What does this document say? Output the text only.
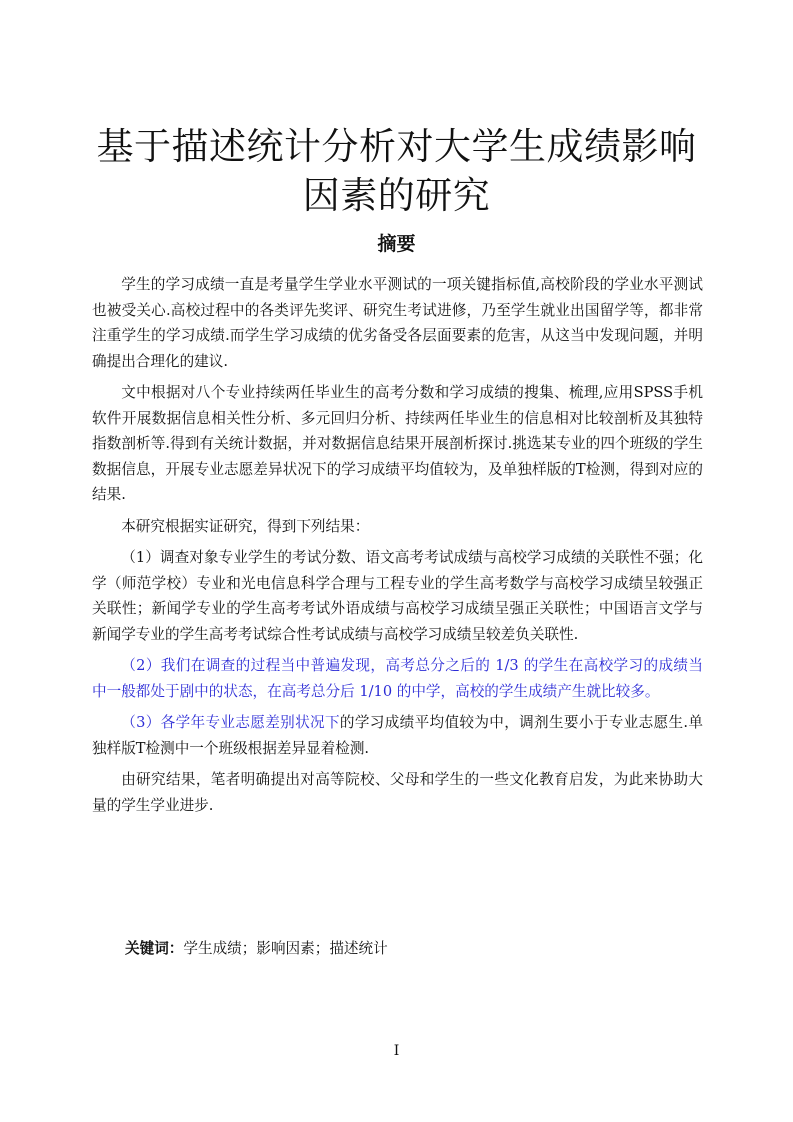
基于描述统计分析对大学生成绩影响因素的研究
摘要

学生的学习成绩一直是考量学生学业水平测试的一项关键指标值,高校阶段的学业水平测试也被受关心.高校过程中的各类评先奖评、研究生考试进修，乃至学生就业出国留学等，都非常注重学生的学习成绩.而学生学习成绩的优劣备受各层面要素的危害，从这当中发现问题，并明确提出合理化的建议.

文中根据对八个专业持续两任毕业生的高考分数和学习成绩的搜集、梳理,应用SPSS手机软件开展数据信息相关性分析、多元回归分析、持续两任毕业生的信息相对比较剖析及其独特指数剖析等.得到有关统计数据，并对数据信息结果开展剖析探讨.挑选某专业的四个班级的学生数据信息，开展专业志愿差异状况下的学习成绩平均值较为，及单独样版的T检测，得到对应的结果.

本研究根据实证研究，得到下列结果：

（1）调查对象专业学生的考试分数、语文高考考试成绩与高校学习成绩的关联性不强；化学（师范学校）专业和光电信息科学合理与工程专业的学生高考数学与高校学习成绩呈较强正关联性；新闻学专业的学生高考考试外语成绩与高校学习成绩呈强正关联性；中国语言文学与新闻学专业的学生高考考试综合性考试成绩与高校学习成绩呈较差负关联性.

（2）我们在调查的过程当中普遍发现，高考总分之后的 1/3 的学生在高校学习的成绩当中一般都处于剧中的状态，在高考总分后 1/10 的中学，高校的学生成绩产生就比较多。

（3）各学年专业志愿差别状况下的学习成绩平均值较为中，调剂生要小于专业志愿生.单独样版T检测中一个班级根据差异显着检测.

由研究结果，笔者明确提出对高等院校、父母和学生的一些文化教育启发，为此来协助大量的学生学业进步.

关键词：学生成绩；影响因素；描述统计
I
